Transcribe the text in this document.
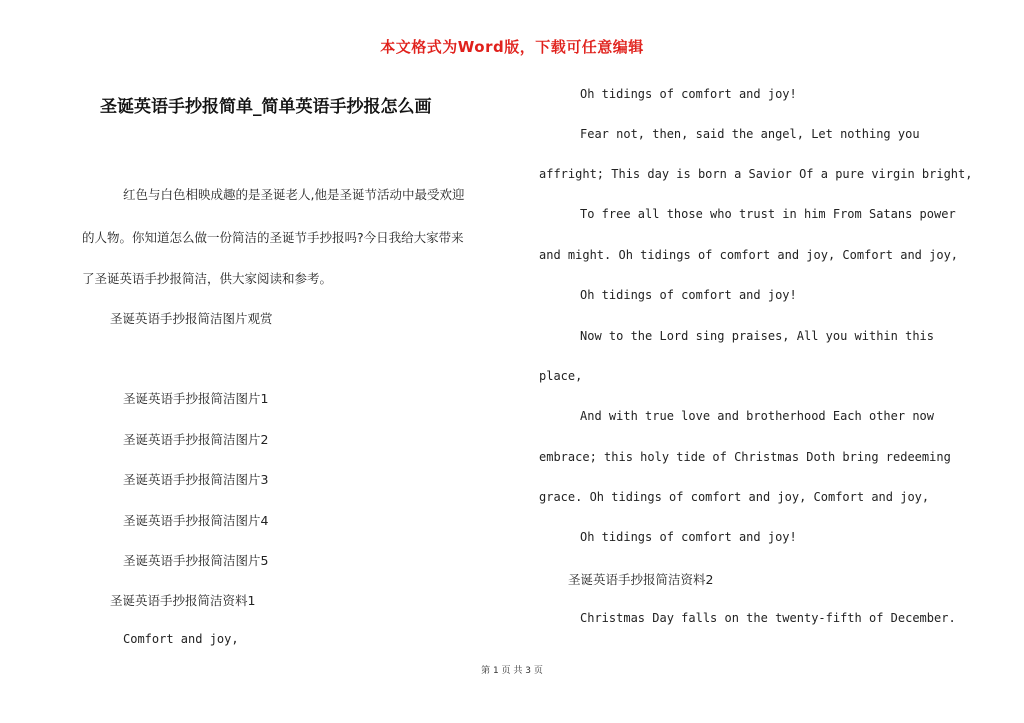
本文格式为Word版，下载可任意编辑
圣诞英语手抄报简单_简单英语手抄报怎么画
红色与白色相映成趣的是圣诞老人,他是圣诞节活动中最受欢迎
的人物。你知道怎么做一份简洁的圣诞节手抄报吗?今日我给大家带来
了圣诞英语手抄报简洁，供大家阅读和参考。
圣诞英语手抄报简洁图片观赏
圣诞英语手抄报简洁图片1
圣诞英语手抄报简洁图片2
圣诞英语手抄报简洁图片3
圣诞英语手抄报简洁图片4
圣诞英语手抄报简洁图片5
圣诞英语手抄报简洁资料1
Comfort and joy,
Oh tidings of comfort and joy!
Fear not, then, said the angel, Let nothing you
affright; This day is born a Savior Of a pure virgin bright,
To free all those who trust in him From Satans power
and might. Oh tidings of comfort and joy, Comfort and joy,
Oh tidings of comfort and joy!
Now to the Lord sing praises, All you within this
place,
And with true love and brotherhood Each other now
embrace; this holy tide of Christmas Doth bring redeeming
grace. Oh tidings of comfort and joy, Comfort and joy,
Oh tidings of comfort and joy!
圣诞英语手抄报简洁资料2
Christmas Day falls on the twenty-fifth of December.
第 1 页 共 3 页
